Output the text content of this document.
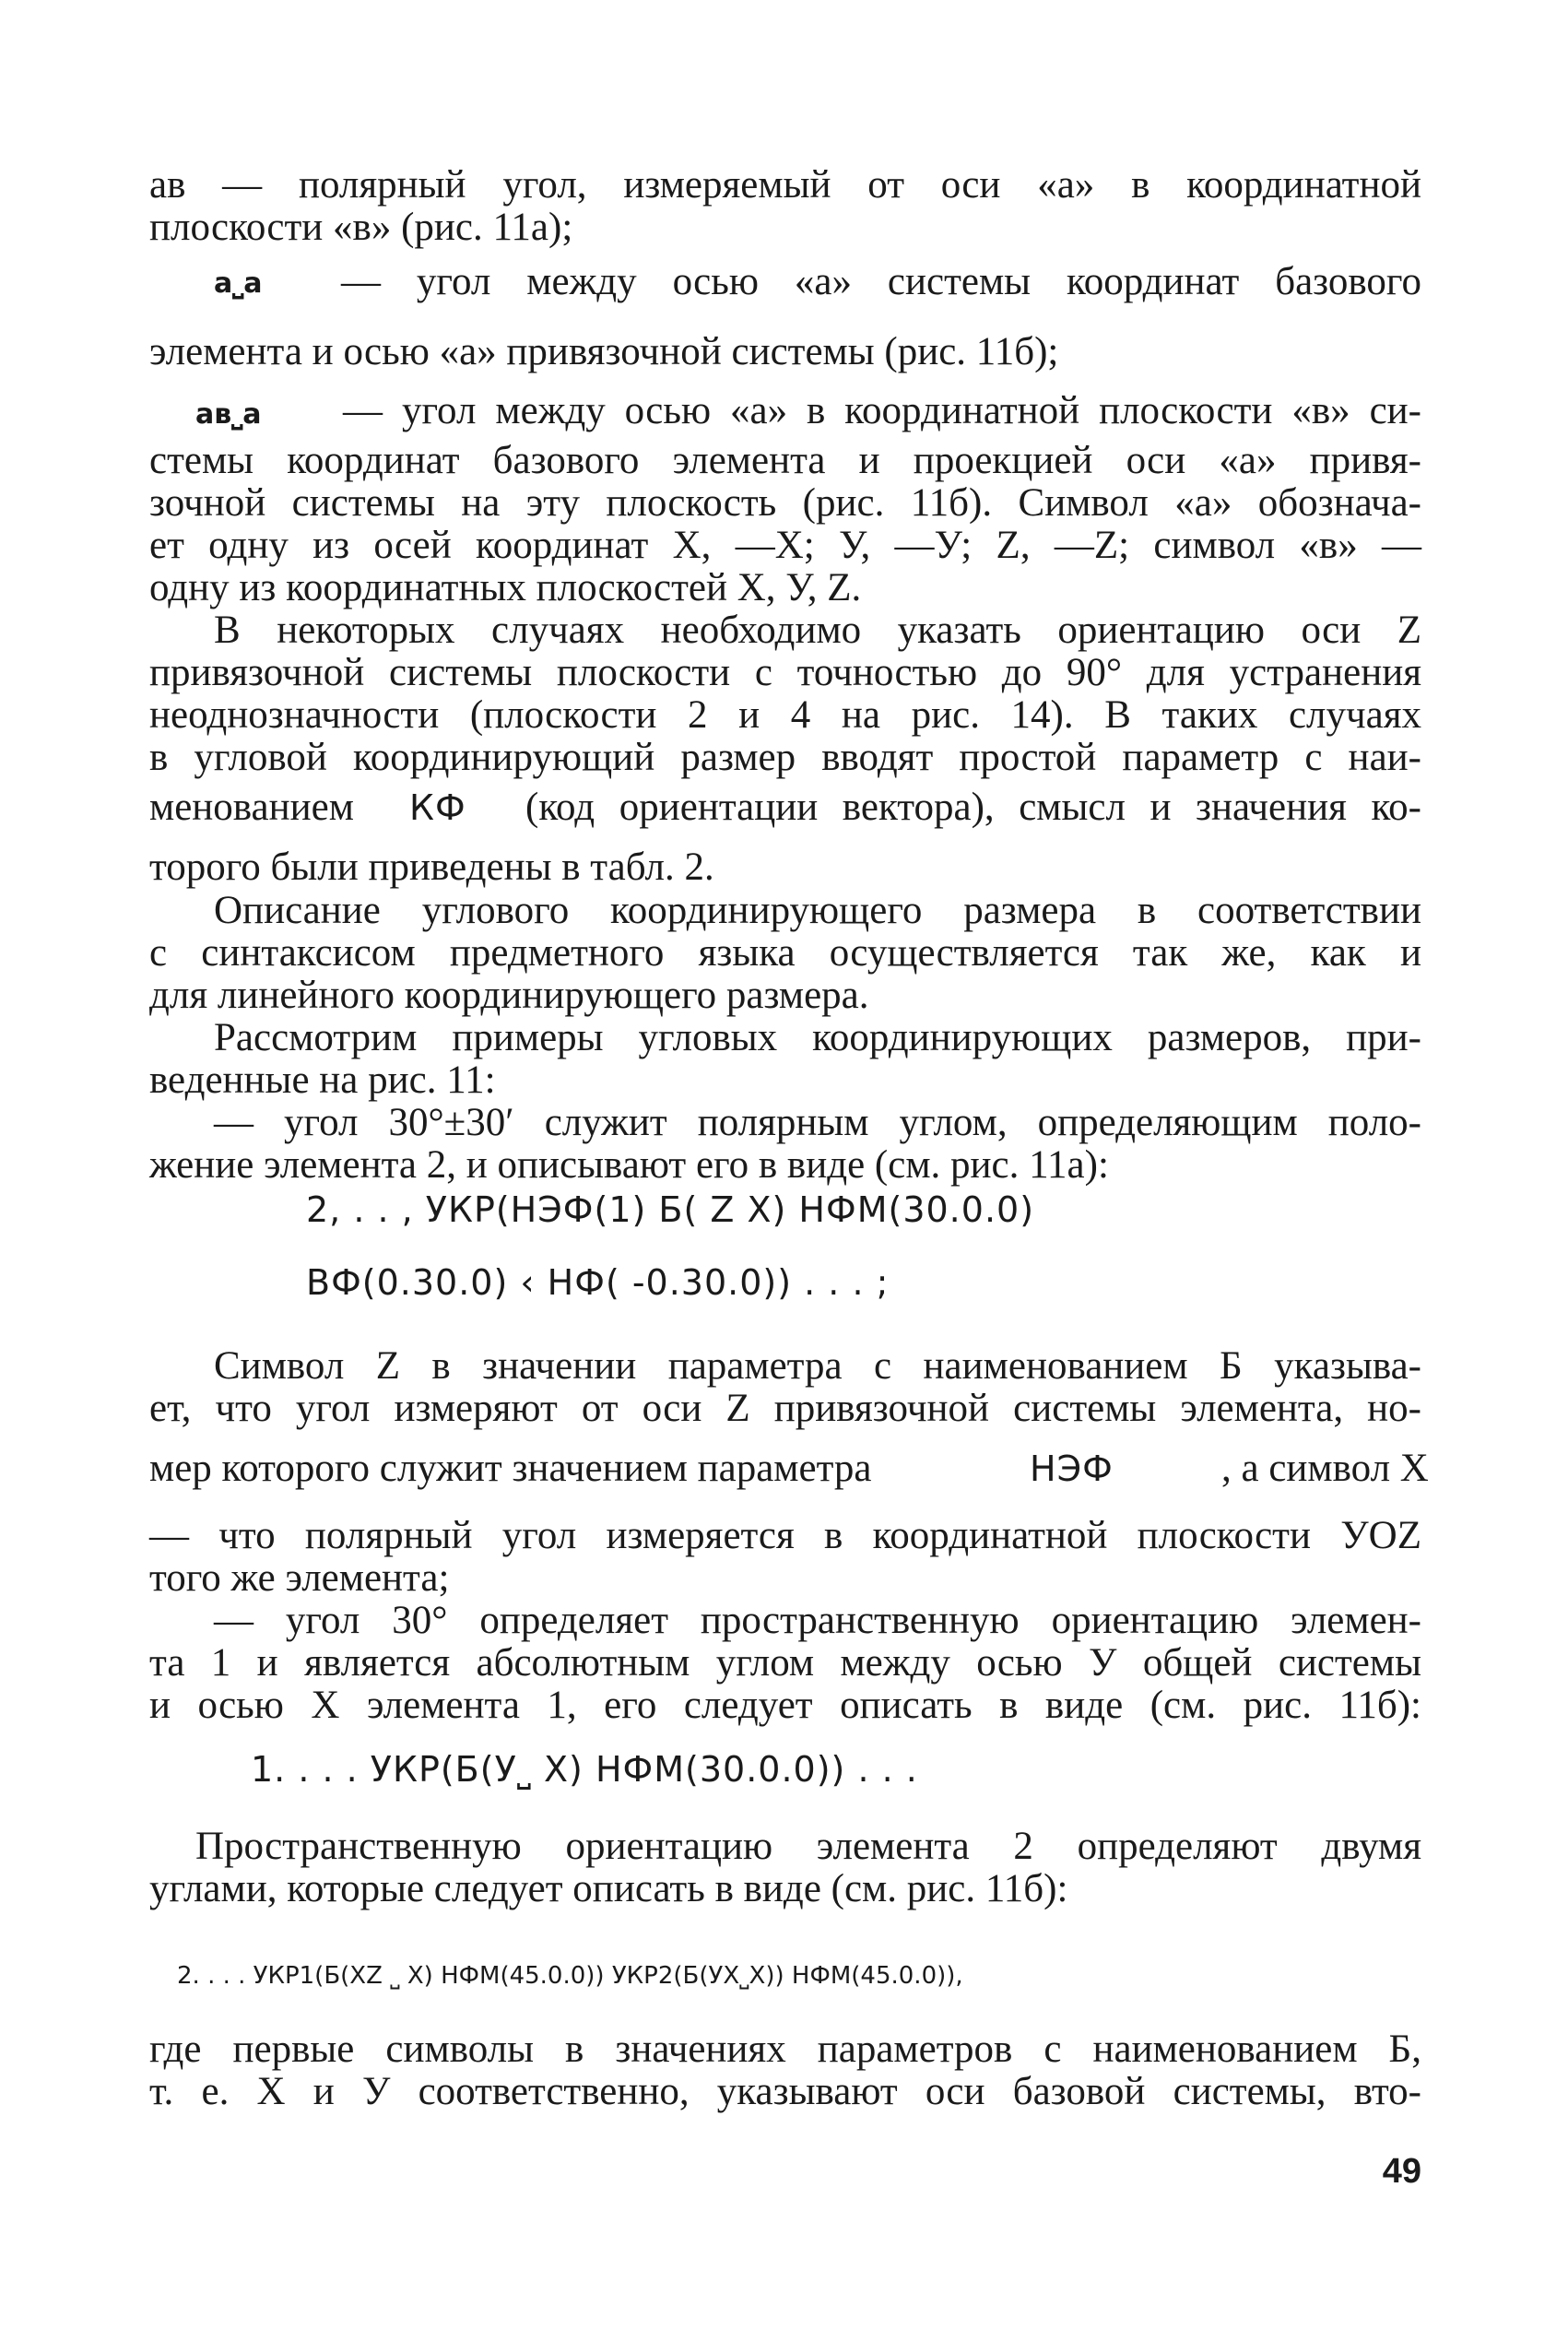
ав — полярный угол, измеряемый от оси «а» в координатной
плоскости «в» (рис. 11а);
а⎵а	— угол между осью «а» системы координат базового
элемента и осью «а» привязочной системы (рис. 11б);
ав⎵а	— угол между осью «а» в координатной плоскости «в» си-
стемы координат базового элемента и проекцией оси «а» привя-
зочной системы на эту плоскость (рис. 11б). Символ «а» обознача-
ет одну из осей координат X, —X; У, —У; Z, —Z; символ «в» —
одну из координатных плоскостей X, У, Z.
В некоторых случаях необходимо указать ориентацию оси Z
привязочной системы плоскости с точностью до 90° для устранения
неоднозначности (плоскости 2 и 4 на рис. 14). В таких случаях
в угловой координирующий размер вводят простой параметр с наи-
менованием	КФ	(код ориентации вектора), смысл и значения ко-
торого были приведены в табл. 2.
Описание углового координирующего размера в соответствии
с синтаксисом предметного языка осуществляется так же, как и
для линейного координирующего размера.
Рассмотрим примеры угловых координирующих размеров, при-
веденные на рис. 11:
— угол 30°±30′ служит полярным углом, определяющим поло-
жение элемента 2, и описывают его в виде (см. рис. 11а):
2, . . , УКР(НЭФ(1) Б( Z X) НФМ(30.0.0)
ВФ(0.30.0) ‹ НФ( -0.30.0)) . . . ;
Символ Z в значении параметра с наименованием Б указыва-
ет, что угол измеряют от оси Z привязочной системы элемента, но-
мер которого служит значением параметра	НЭФ	, а символ X
— что полярный угол измеряется в координатной плоскости УOZ
того же элемента;
— угол 30° определяет пространственную ориентацию элемен-
та 1 и является абсолютным углом между осью У общей системы
и осью X элемента 1, его следует описать в виде (см. рис. 11б):
1. . . . УКР(Б(У⎵ X) НФМ(30.0.0)) . . .
Пространственную ориентацию элемента 2 определяют двумя
углами, которые следует описать в виде (см. рис. 11б):
2. . . . УКР1(Б(XZ ⎵ X) НФМ(45.0.0)) УКР2(Б(УX⎵X)) НФМ(45.0.0)),
где первые символы в значениях параметров с наименованием Б,
т. е. X и У соответственно, указывают оси базовой системы, вто-
49
